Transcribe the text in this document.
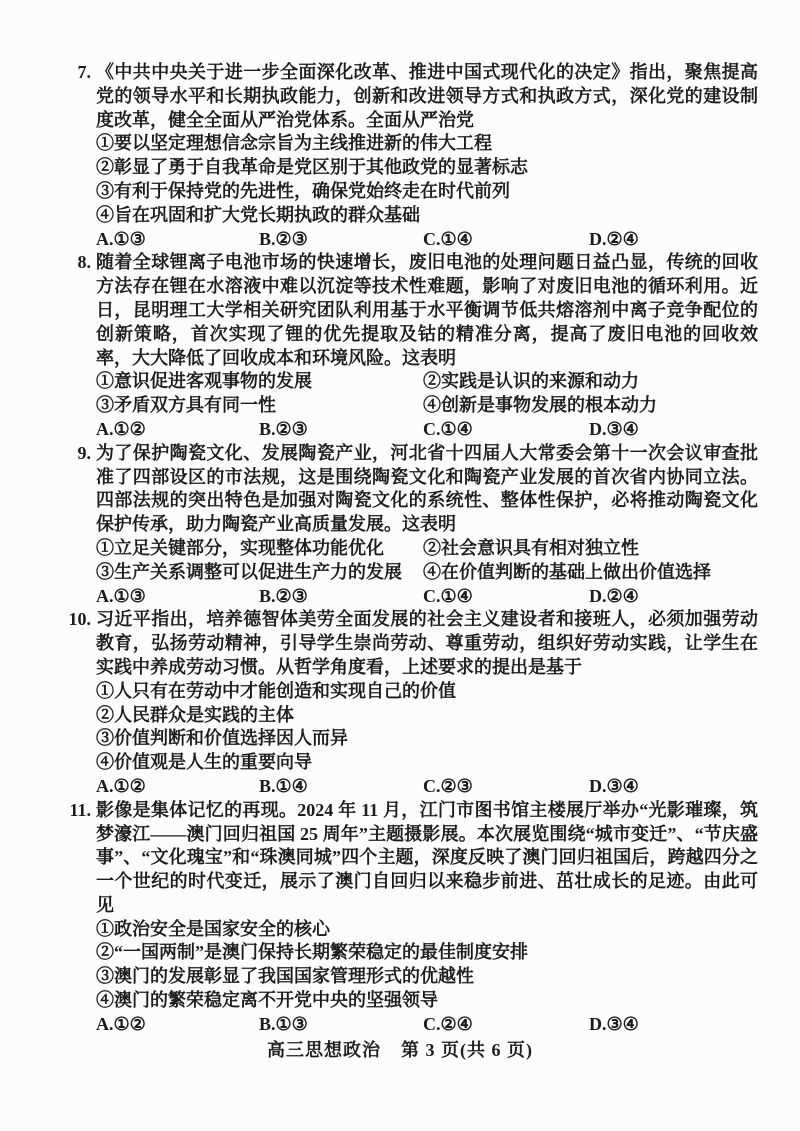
7. 《中共中央关于进一步全面深化改革、推进中国式现代化的决定》指出，聚焦提高党的领导水平和长期执政能力，创新和改进领导方式和执政方式，深化党的建设制度改革，健全全面从严治党体系。全面从严治党

①要以坚定理想信念宗旨为主线推进新的伟大工程
②彰显了勇于自我革命是党区别于其他政党的显著标志
③有利于保持党的先进性，确保党始终走在时代前列
④旨在巩固和扩大党长期执政的群众基础
A.①③	B.②③	C.①④	D.②④

8. 随着全球锂离子电池市场的快速增长，废旧电池的处理问题日益凸显，传统的回收方法存在锂在水溶液中难以沉淀等技术性难题，影响了对废旧电池的循环利用。近日，昆明理工大学相关研究团队利用基于水平衡调节低共熔溶剂中离子竞争配位的创新策略，首次实现了锂的优先提取及钴的精准分离，提高了废旧电池的回收效率，大大降低了回收成本和环境风险。这表明

①意识促进客观事物的发展	②实践是认识的来源和动力
③矛盾双方具有同一性	④创新是事物发展的根本动力
A.①②	B.②③	C.①④	D.③④

9. 为了保护陶瓷文化、发展陶瓷产业，河北省十四届人大常委会第十一次会议审查批准了四部设区的市法规，这是围绕陶瓷文化和陶瓷产业发展的首次省内协同立法。四部法规的突出特色是加强对陶瓷文化的系统性、整体性保护，必将推动陶瓷文化保护传承，助力陶瓷产业高质量发展。这表明

①立足关键部分，实现整体功能优化	②社会意识具有相对独立性
③生产关系调整可以促进生产力的发展	④在价值判断的基础上做出价值选择
A.①③	B.②③	C.①④	D.②④

10. 习近平指出，培养德智体美劳全面发展的社会主义建设者和接班人，必须加强劳动教育，弘扬劳动精神，引导学生崇尚劳动、尊重劳动，组织好劳动实践，让学生在实践中养成劳动习惯。从哲学角度看，上述要求的提出是基于

①人只有在劳动中才能创造和实现自己的价值
②人民群众是实践的主体
③价值判断和价值选择因人而异
④价值观是人生的重要向导
A.①②	B.①④	C.②③	D.③④

11. 影像是集体记忆的再现。2024 年 11 月，江门市图书馆主楼展厅举办“光影璀璨，筑梦濠江——澳门回归祖国 25 周年”主题摄影展。本次展览围绕“城市变迁”、“节庆盛事”、“文化瑰宝”和“珠澳同城”四个主题，深度反映了澳门回归祖国后，跨越四分之一个世纪的时代变迁，展示了澳门自回归以来稳步前进、茁壮成长的足迹。由此可见

①政治安全是国家安全的核心
②“一国两制”是澳门保持长期繁荣稳定的最佳制度安排
③澳门的发展彰显了我国国家管理形式的优越性
④澳门的繁荣稳定离不开党中央的坚强领导
A.①②	B.①③	C.②④	D.③④
高三思想政治 第 3 页(共 6 页)
